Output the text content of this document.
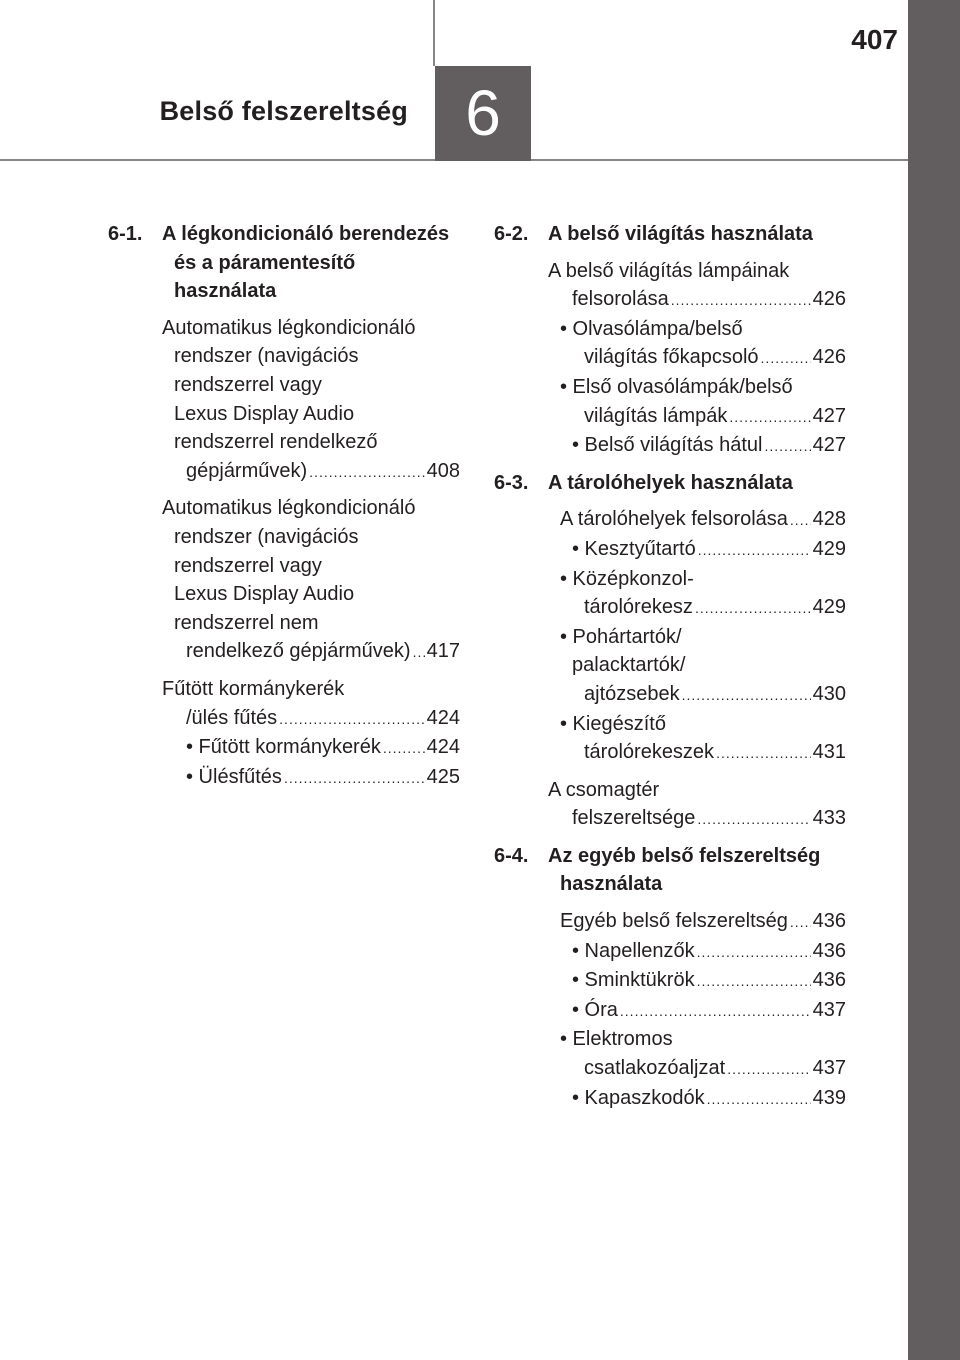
407
Belső felszereltség 6
6-1. A légkondicionáló berendezés
és a páramentesítő használata
Automatikus légkondicionáló
rendszer (navigációs
rendszerrel vagy
Lexus Display Audio
rendszerrel rendelkező
gépjárművek) .....	408
Automatikus légkondicionáló
rendszer (navigációs
rendszerrel vagy
Lexus Display Audio
rendszerrel nem
rendelkező gépjárművek) ..... 417
Fűtött kormánykerék
/ülés fűtés .....	424
• Fűtött kormánykerék ..... 424
• Ülésfűtés .....	425
6-2. A belső világítás használata
A belső világítás lámpáinak
felsorolása .....	426
• Olvasólámpa/belső
világítás főkapcsoló .....	426
• Első olvasólámpák/belső
világítás lámpák .....	427
• Belső világítás hátul .....	427
6-3. A tárolóhelyek használata
A tárolóhelyek felsorolása ..... 428
• Kesztyűtartó .....	429
• Középkonzol-
tárolórekesz .....	429
• Pohártartók/
palacktartók/
ajtózsebek .....	430
• Kiegészítő
tárolórekeszek .....	431
A csomagtér
felszereltsége .....	433
6-4. Az egyéb belső felszereltség
használata
Egyéb belső felszereltség ..... 436
• Napellenzők .....	436
• Sminktükrök .....	436
• Óra .....	437
• Elektromos
csatlakozóaljzat .....	437
• Kapaszkodók .....	439
